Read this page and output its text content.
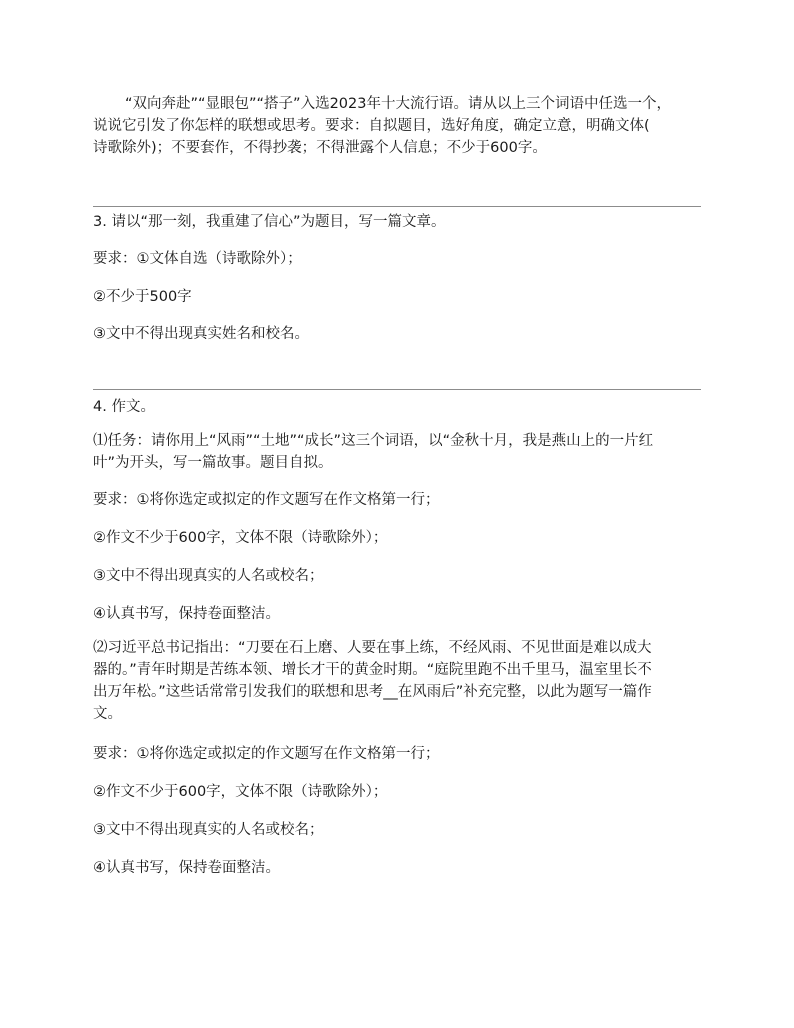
“双向奔赴”“显眼包”“搭子”入选2023年十大流行语。请从以上三个词语中任选一个，
说说它引发了你怎样的联想或思考。要求：自拟题目，选好角度，确定立意，明确文体(
诗歌除外)；不要套作，不得抄袭；不得泄露个人信息；不少于600字。

3. 请以“那一刻，我重建了信心”为题目，写一篇文章。

要求：①文体自选（诗歌除外）；

②不少于500字

③文中不得出现真实姓名和校名。

4. 作文。

⑴任务：请你用上“风雨”“土地”“成长”这三个词语，以“金秋十月，我是燕山上的一片红
叶”为开头，写一篇故事。题目自拟。

要求：①将你选定或拟定的作文题写在作文格第一行；

②作文不少于600字，文体不限（诗歌除外）；

③文中不得出现真实的人名或校名；

④认真书写，保持卷面整洁。

⑵习近平总书记指出：“刀要在石上磨、人要在事上练，不经风雨、不见世面是难以成大
器的。”青年时期是苦练本领、增长才干的黄金时期。“庭院里跑不出千里马，温室里长不
出万年松。”这些话常常引发我们的联想和思考__在风雨后”补充完整，以此为题写一篇作
文。

要求：①将你选定或拟定的作文题写在作文格第一行；

②作文不少于600字，文体不限（诗歌除外）；

③文中不得出现真实的人名或校名；

④认真书写，保持卷面整洁。
